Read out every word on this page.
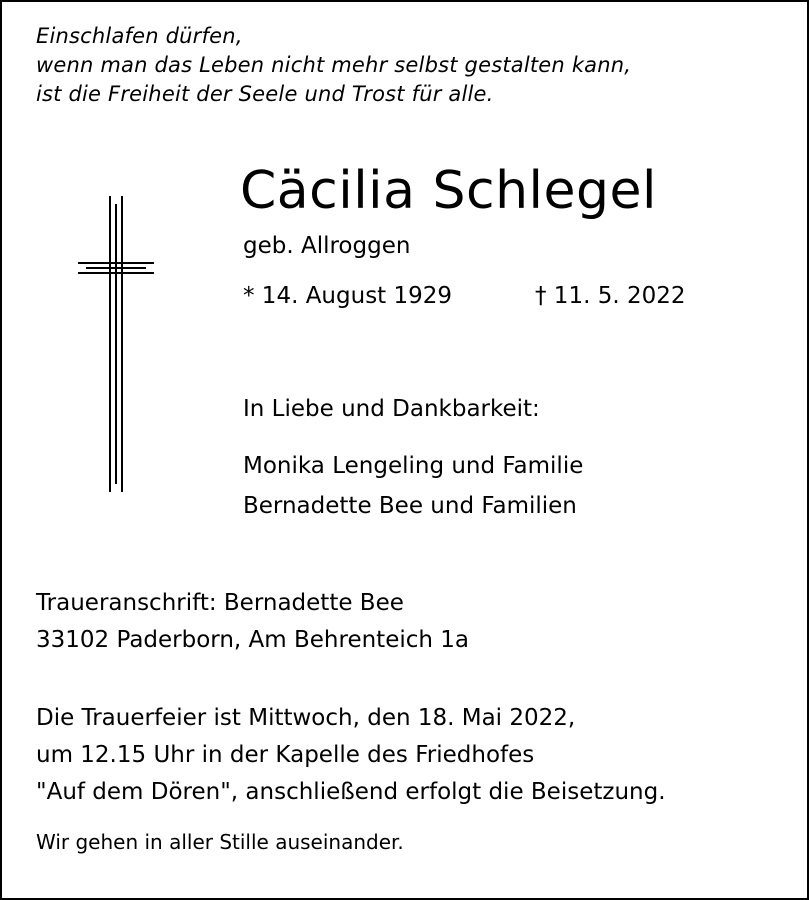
Einschlafen dürfen,
wenn man das Leben nicht mehr selbst gestalten kann,
ist die Freiheit der Seele und Trost für alle.
Cäcilia Schlegel
geb. Allroggen
* 14. August 1929	† 11. 5. 2022
In Liebe und Dankbarkeit:
Monika Lengeling und Familie
Bernadette Bee und Familien
Traueranschrift: Bernadette Bee
33102 Paderborn, Am Behrenteich 1a
Die Trauerfeier ist Mittwoch, den 18. Mai 2022,
um 12.15 Uhr in der Kapelle des Friedhofes
"Auf dem Dören", anschließend erfolgt die Beisetzung.
Wir gehen in aller Stille auseinander.
